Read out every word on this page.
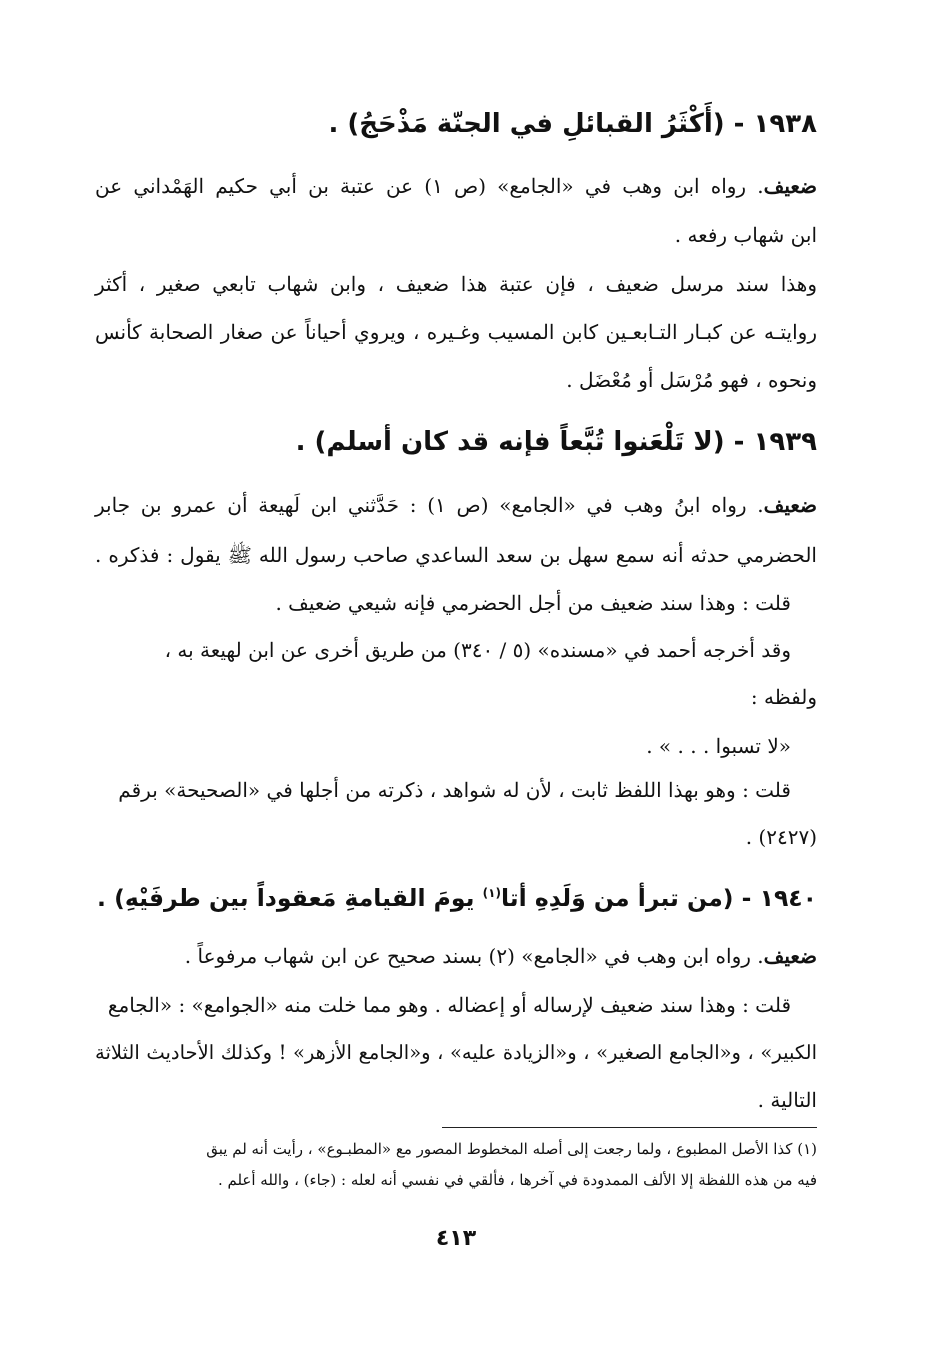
١٩٣٨ - (أَكْثَرُ القبائلِ في الجنّة مَذْحَجُ) .
ضعيف. رواه ابن وهب في «الجامع» (ص ١) عن عتبة بن أبي حكيم الهَمْداني عن
ابن شهاب رفعه .
وهذا سند مرسل ضعيف ، فإن عتبة هذا ضعيف ، وابن شهاب تابعي صغير ، أكثر
روايتـه عن كبـار التـابعـين كابن المسيب وغـيره ، ويروي أحياناً عن صغار الصحابة كأنس
ونحوه ، فهو مُرْسَل أو مُعْضَل .
١٩٣٩ - (لا تَلْعَنوا تُبَّعاً فإنه قد كان أسلم) .
ضعيف. رواه ابنُ وهب في «الجامع» (ص ١) : حَدَّثني ابن لَهيعة أن عمرو بن جابر
الحضرمي حدثه أنه سمع سهل بن سعد الساعدي صاحب رسول الله ﷺ يقول : فذكره .
قلت : وهذا سند ضعيف من أجل الحضرمي فإنه شيعي ضعيف .
وقد أخرجه أحمد في «مسنده» (٥ / ٣٤٠) من طريق أخرى عن ابن لهيعة به ،
ولفظه :
«لا تسبوا . . . » .
قلت : وهو بهذا اللفظ ثابت ، لأن له شواهد ، ذكرته من أجلها في «الصحيحة» برقم
(٢٤٢٧) .
١٩٤٠ - (من تبرأ من وَلَدِهِ أتا$^{(١)}$ يومَ القيامةِ مَعقوداً بين طرفَيْهِ) .
ضعيف. رواه ابن وهب في «الجامع» (٢) بسند صحيح عن ابن شهاب مرفوعاً .
قلت : وهذا سند ضعيف لإرساله أو إعضاله . وهو مما خلت منه «الجوامع» : «الجامع
الكبير» ، و«الجامع الصغير» ، و«الزيادة عليه» ، و«الجامع الأزهر» ! وكذلك الأحاديث الثلاثة
التالية .
(١) كذا الأصل المطبوع ، ولما رجعت إلى أصله المخطوط المصور مع «المطبـوع» ، رأيت أنه لم يبق
فيه من هذه اللفظة إلا الألف الممدودة في آخرها ، فألقي في نفسي أنه لعله : (جاء) ، والله أعلم .
٤١٣
